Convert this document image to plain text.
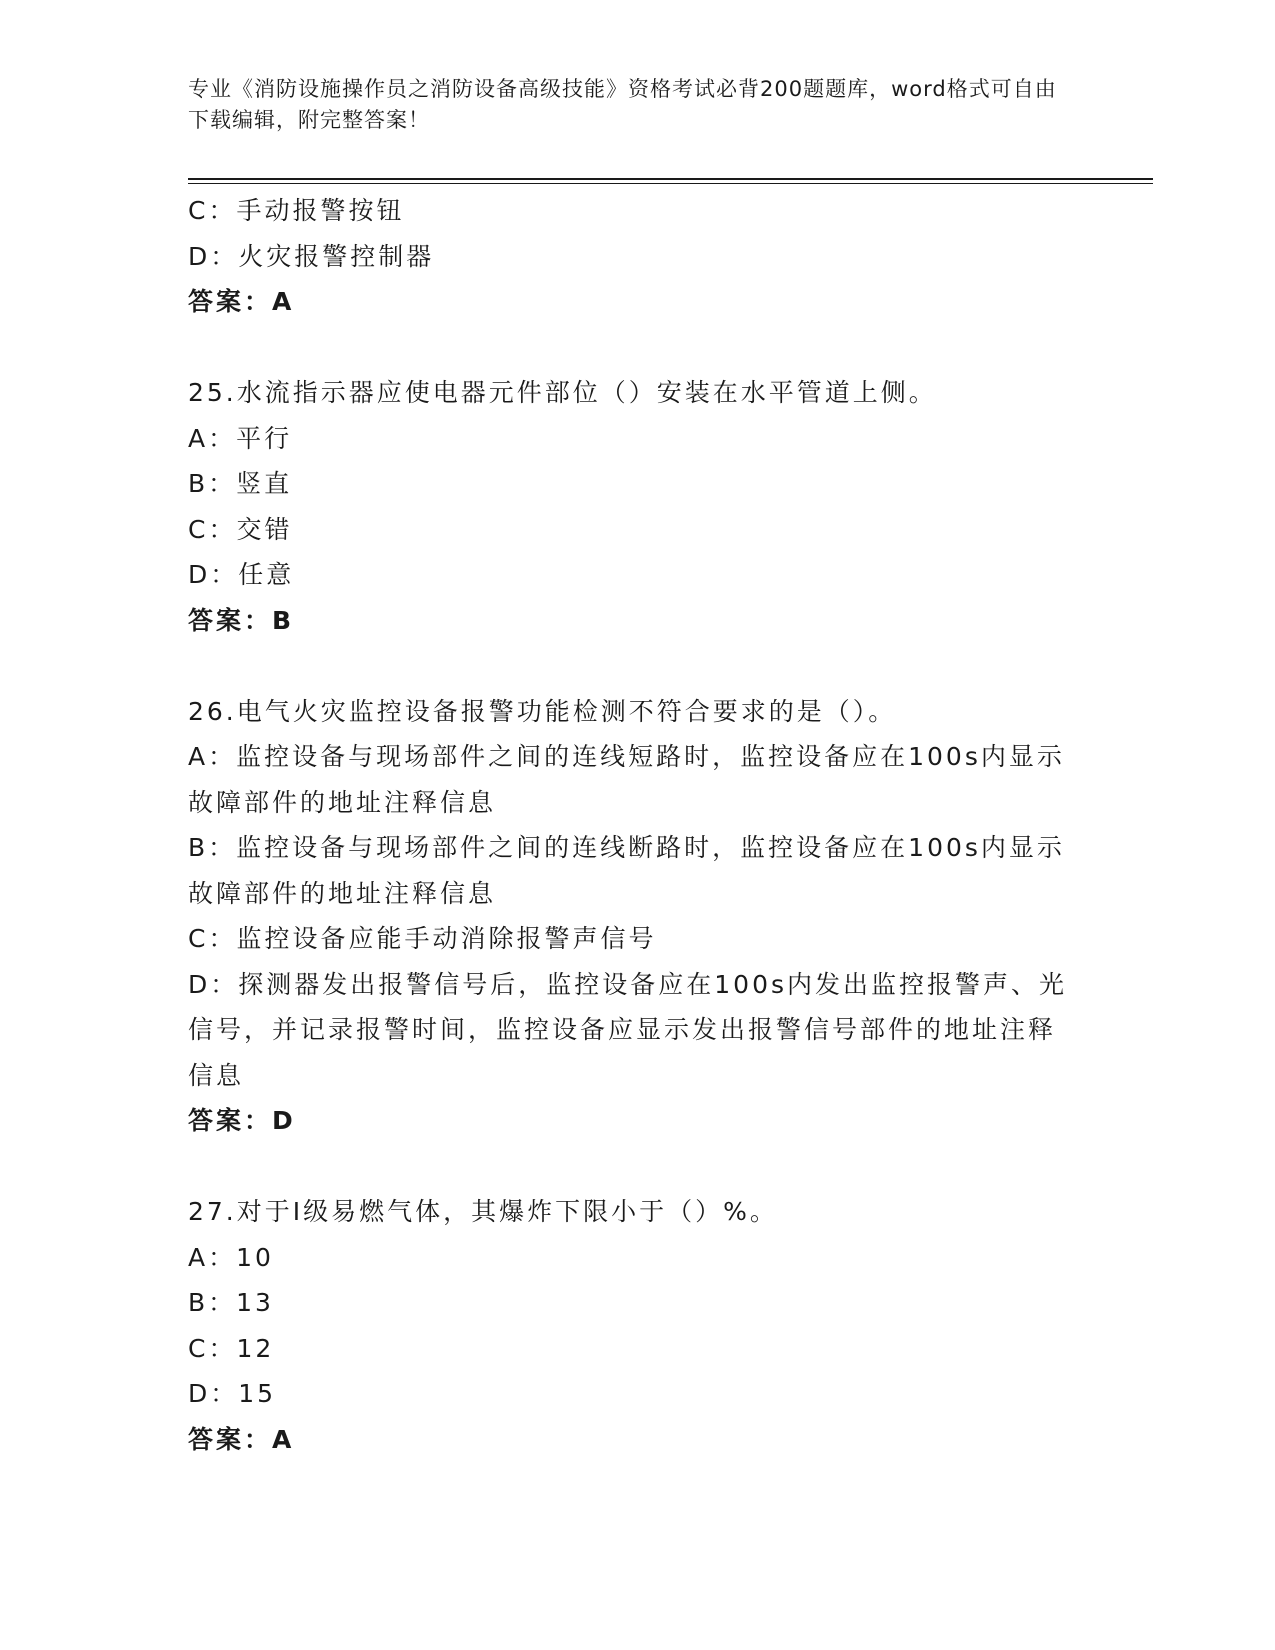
专业《消防设施操作员之消防设备高级技能》资格考试必背200题题库，word格式可自由下载编辑，附完整答案！
C：手动报警按钮
D：火灾报警控制器
答案：A
25.水流指示器应使电器元件部位（）安装在水平管道上侧。
A：平行
B：竖直
C：交错
D：任意
答案：B
26.电气火灾监控设备报警功能检测不符合要求的是（）。
A：监控设备与现场部件之间的连线短路时，监控设备应在100s内显示故障部件的地址注释信息
B：监控设备与现场部件之间的连线断路时，监控设备应在100s内显示故障部件的地址注释信息
C：监控设备应能手动消除报警声信号
D：探测器发出报警信号后，监控设备应在100s内发出监控报警声、光信号，并记录报警时间，监控设备应显示发出报警信号部件的地址注释信息
答案：D
27.对于Ⅰ级易燃气体，其爆炸下限小于（）%。
A：10
B：13
C：12
D：15
答案：A
